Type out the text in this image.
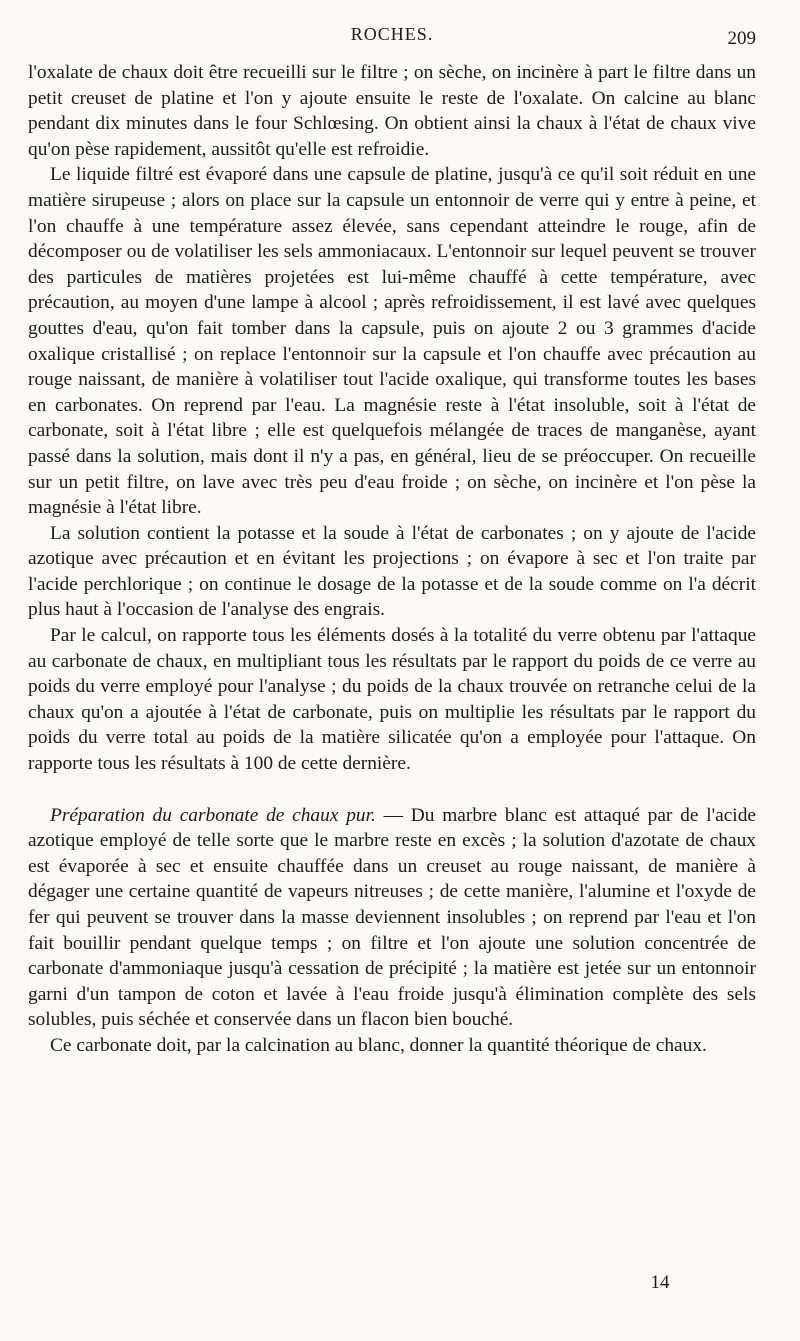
ROCHES.	209

l'oxalate de chaux doit être recueilli sur le filtre ; on sèche, on incinère à part le filtre dans un petit creuset de platine et l'on y ajoute ensuite le reste de l'oxalate. On calcine au blanc pendant dix minutes dans le four Schlœsing. On obtient ainsi la chaux à l'état de chaux vive qu'on pèse rapidement, aussitôt qu'elle est refroidie.

Le liquide filtré est évaporé dans une capsule de platine, jusqu'à ce qu'il soit réduit en une matière sirupeuse ; alors on place sur la capsule un entonnoir de verre qui y entre à peine, et l'on chauffe à une température assez élevée, sans cependant atteindre le rouge, afin de décomposer ou de volatiliser les sels ammoniacaux. L'entonnoir sur lequel peuvent se trouver des particules de matières projetées est lui-même chauffé à cette température, avec précaution, au moyen d'une lampe à alcool ; après refroidissement, il est lavé avec quelques gouttes d'eau, qu'on fait tomber dans la capsule, puis on ajoute 2 ou 3 grammes d'acide oxalique cristallisé ; on replace l'entonnoir sur la capsule et l'on chauffe avec précaution au rouge naissant, de manière à volatiliser tout l'acide oxalique, qui transforme toutes les bases en carbonates. On reprend par l'eau. La magnésie reste à l'état insoluble, soit à l'état de carbonate, soit à l'état libre ; elle est quelquefois mélangée de traces de manganèse, ayant passé dans la solution, mais dont il n'y a pas, en général, lieu de se préoccuper. On recueille sur un petit filtre, on lave avec très peu d'eau froide ; on sèche, on incinère et l'on pèse la magnésie à l'état libre.

La solution contient la potasse et la soude à l'état de carbonates ; on y ajoute de l'acide azotique avec précaution et en évitant les projections ; on évapore à sec et l'on traite par l'acide perchlorique ; on continue le dosage de la potasse et de la soude comme on l'a décrit plus haut à l'occasion de l'analyse des engrais.

Par le calcul, on rapporte tous les éléments dosés à la totalité du verre obtenu par l'attaque au carbonate de chaux, en multipliant tous les résultats par le rapport du poids de ce verre au poids du verre employé pour l'analyse ; du poids de la chaux trouvée on retranche celui de la chaux qu'on a ajoutée à l'état de carbonate, puis on multiplie les résultats par le rapport du poids du verre total au poids de la matière silicatée qu'on a employée pour l'attaque. On rapporte tous les résultats à 100 de cette dernière.

Préparation du carbonate de chaux pur. — Du marbre blanc est attaqué par de l'acide azotique employé de telle sorte que le marbre reste en excès ; la solution d'azotate de chaux est évaporée à sec et ensuite chauffée dans un creuset au rouge naissant, de manière à dégager une certaine quantité de vapeurs nitreuses ; de cette manière, l'alumine et l'oxyde de fer qui peuvent se trouver dans la masse deviennent insolubles ; on reprend par l'eau et l'on fait bouillir pendant quelque temps ; on filtre et l'on ajoute une solution concentrée de carbonate d'ammoniaque jusqu'à cessation de précipité ; la matière est jetée sur un entonnoir garni d'un tampon de coton et lavée à l'eau froide jusqu'à élimination complète des sels solubles, puis séchée et conservée dans un flacon bien bouché.

Ce carbonate doit, par la calcination au blanc, donner la quantité théorique de chaux.

14
